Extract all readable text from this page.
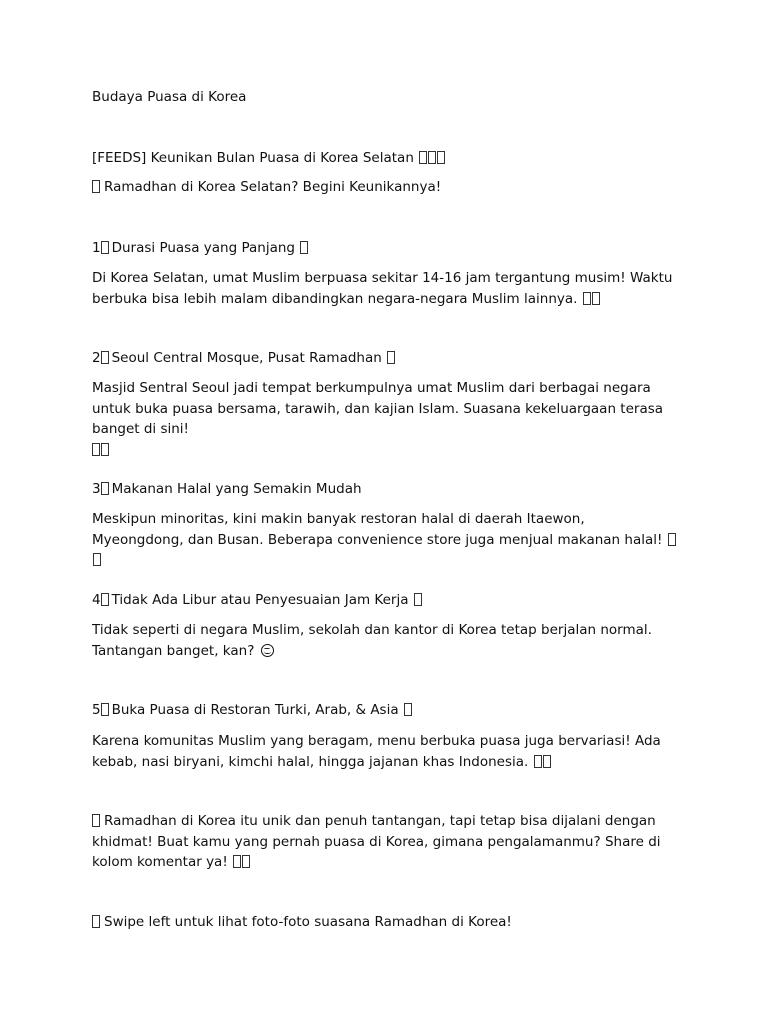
Budaya Puasa di Korea
[FEEDS] Keunikan Bulan Puasa di Korea Selatan
Ramadhan di Korea Selatan? Begini Keunikannya!
1 Durasi Puasa yang Panjang
Di Korea Selatan, umat Muslim berpuasa sekitar 14-16 jam tergantung musim! Waktu berbuka bisa lebih malam dibandingkan negara-negara Muslim lainnya.
2 Seoul Central Mosque, Pusat Ramadhan
Masjid Sentral Seoul jadi tempat berkumpulnya umat Muslim dari berbagai negara untuk buka puasa bersama, tarawih, dan kajian Islam. Suasana kekeluargaan terasa banget di sini!

3 Makanan Halal yang Semakin Mudah
Meskipun minoritas, kini makin banyak restoran halal di daerah Itaewon, Myeongdong, dan Busan. Beberapa convenience store juga menjual makanan halal!
4 Tidak Ada Libur atau Penyesuaian Jam Kerja
Tidak seperti di negara Muslim, sekolah dan kantor di Korea tetap berjalan normal. Tantangan banget, kan?
5 Buka Puasa di Restoran Turki, Arab, & Asia
Karena komunitas Muslim yang beragam, menu berbuka puasa juga bervariasi! Ada kebab, nasi biryani, kimchi halal, hingga jajanan khas Indonesia.
Ramadhan di Korea itu unik dan penuh tantangan, tapi tetap bisa dijalani dengan khidmat! Buat kamu yang pernah puasa di Korea, gimana pengalamanmu? Share di kolom komentar ya!
Swipe left untuk lihat foto-foto suasana Ramadhan di Korea!
